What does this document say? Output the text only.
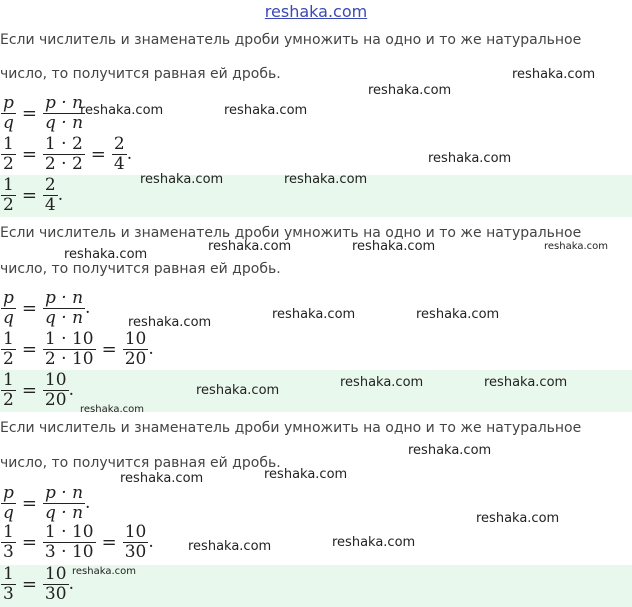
reshaka.com
Если числитель и знаменатель дроби умножить на одно и то же натуральное
число, то получится равная ей дробь.
$\frac{p}{q} = \frac{p \cdot n}{q \cdot n}$
$\frac{1}{2} = \frac{1 \cdot 2}{2 \cdot 2} = \frac{2}{4}$ .
$\frac{1}{2} = \frac{2}{4}$ .
Если числитель и знаменатель дроби умножить на одно и то же натуральное
число, то получится равная ей дробь.
$\frac{p}{q} = \frac{p \cdot n}{q \cdot n}$ .
$\frac{1}{2} = \frac{1 \cdot 10}{2 \cdot 10} = \frac{10}{20}$ .
$\frac{1}{2} = \frac{10}{20}$ .
Если числитель и знаменатель дроби умножить на одно и то же натуральное
число, то получится равная ей дробь.
$\frac{p}{q} = \frac{p \cdot n}{q \cdot n}$ .
$\frac{1}{3} = \frac{1 \cdot 10}{3 \cdot 10} = \frac{10}{30}$ .
$\frac{1}{3} = \frac{10}{30}$ .
reshaka.com
reshaka.com
reshaka.com	reshaka.com
reshaka.com
reshaka.com	reshaka.com
reshaka.com	reshaka.com	reshaka.com
reshaka.com
reshaka.com	reshaka.com
reshaka.com
reshaka.com	reshaka.com
reshaka.com
reshaka.com
reshaka.com
reshaka.com
reshaka.com
reshaka.com
reshaka.com
reshaka.com
reshaka.com
